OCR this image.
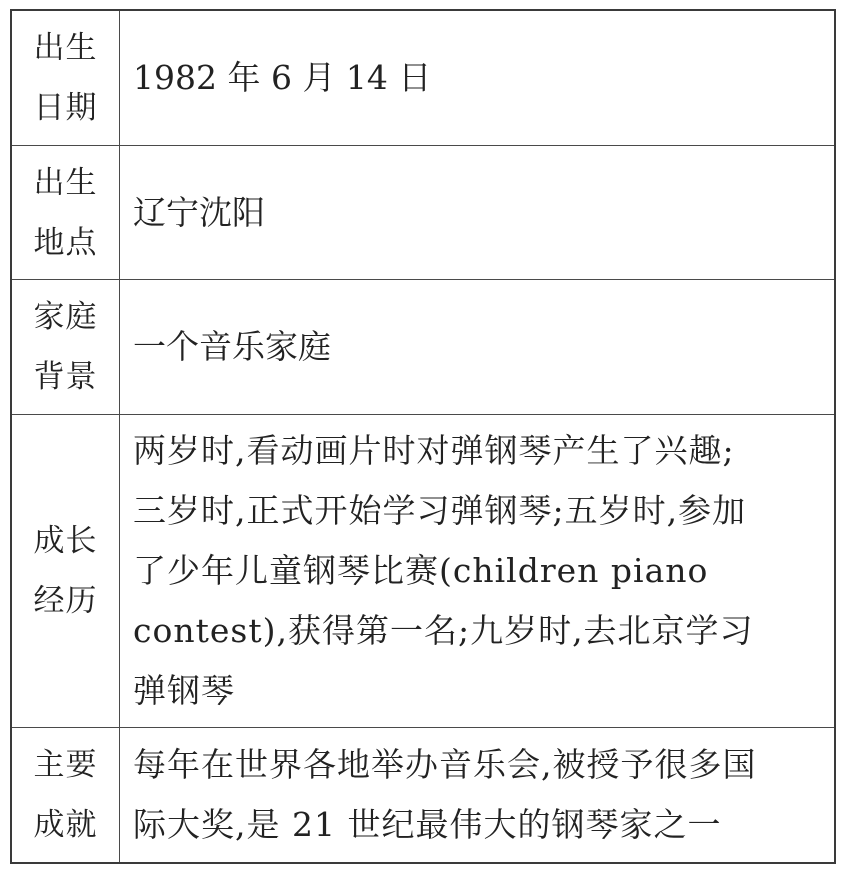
出生
日期
1982 年 6 月 14 日
出生
地点
辽宁沈阳
家庭
背景
一个音乐家庭
成长
经历
两岁时,看动画片时对弹钢琴产生了兴趣;
三岁时,正式开始学习弹钢琴;五岁时,参加
了少年儿童钢琴比赛(children piano
contest),获得第一名;九岁时,去北京学习
弹钢琴
主要
成就
每年在世界各地举办音乐会,被授予很多国
际大奖,是 21 世纪最伟大的钢琴家之一
